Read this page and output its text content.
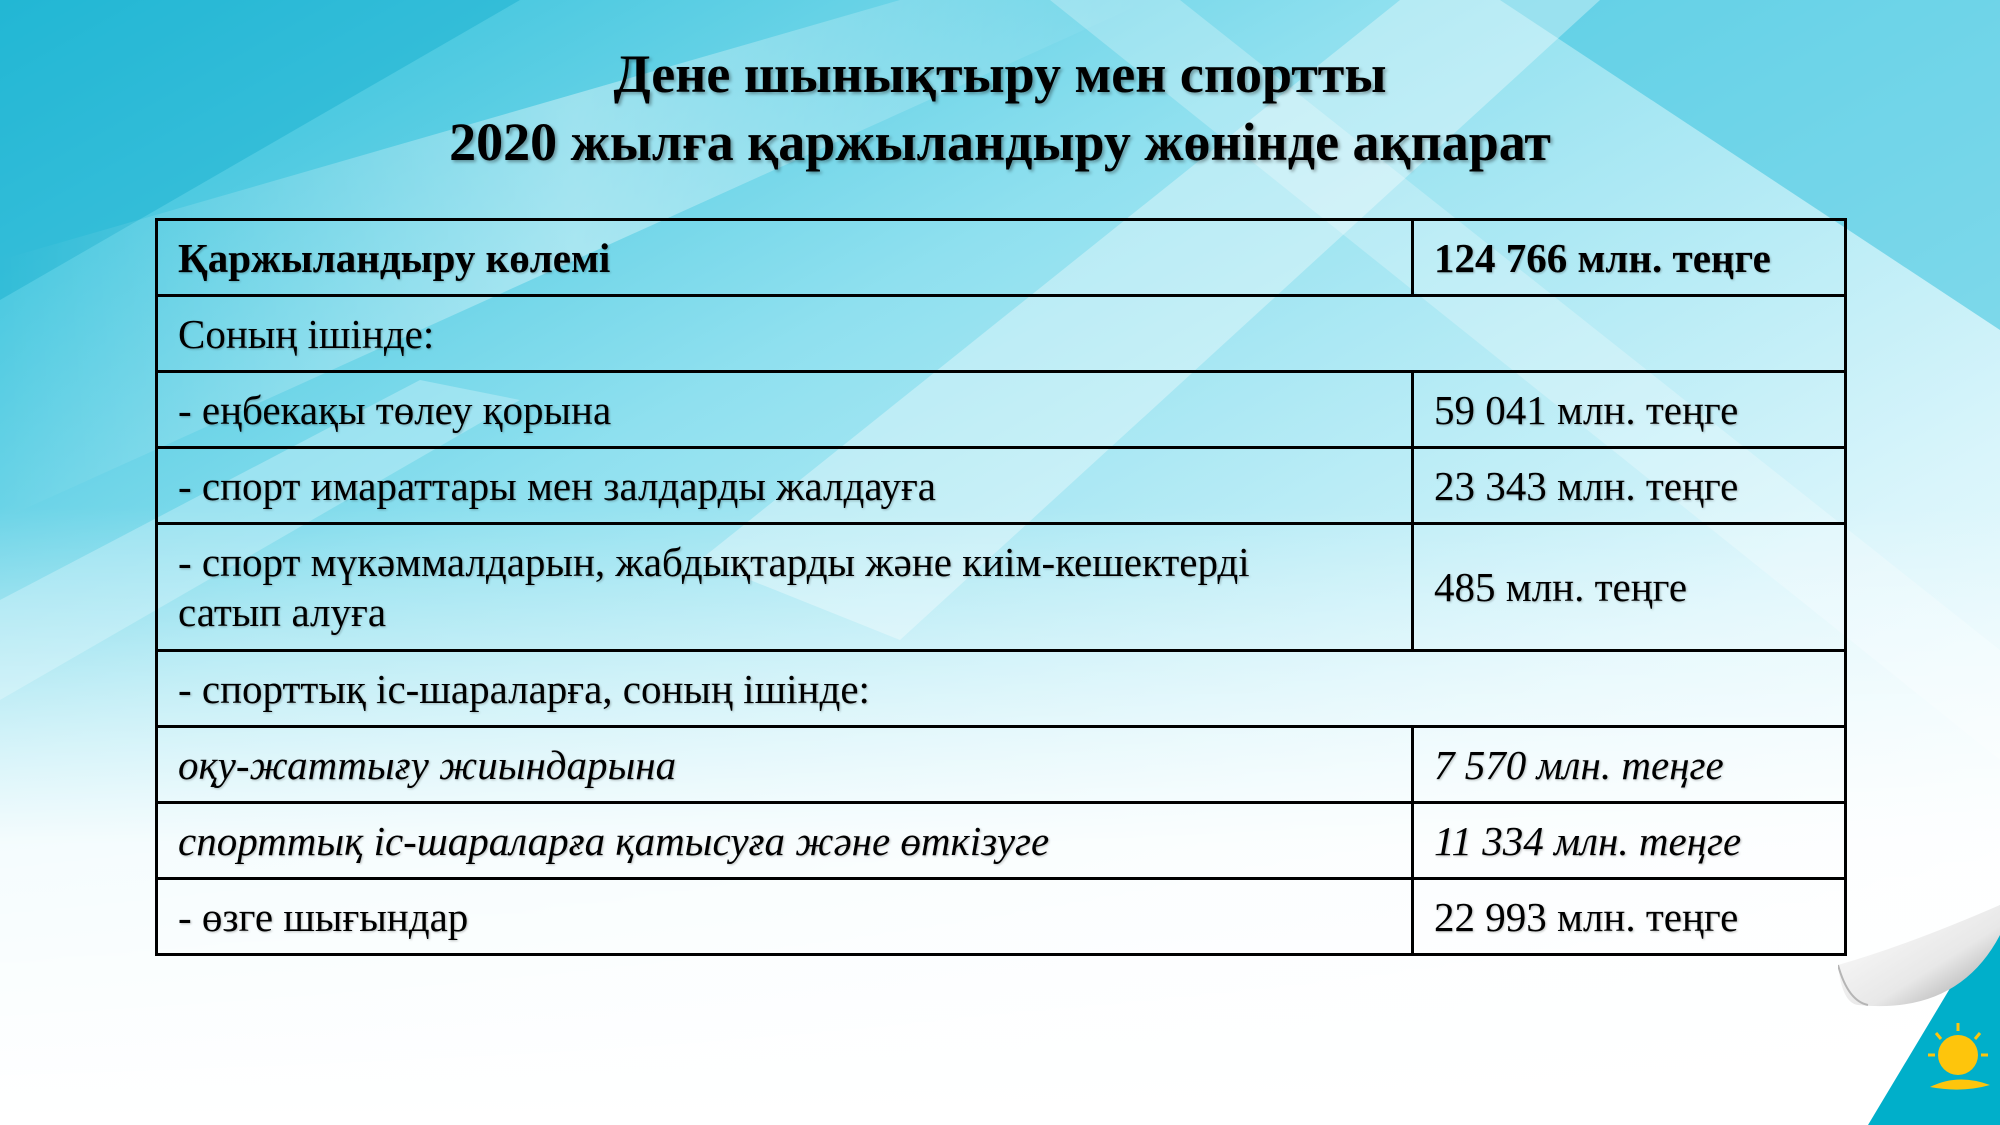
Дене шынықтыру мен спортты
2020 жылға қаржыландыру жөнінде ақпарат
Қаржыландыру көлемі	124 766 млн. теңге
Соның ішінде:	
- еңбекақы төлеу қорына	59 041 млн. теңге
- спорт имараттары мен залдарды жалдауға	23 343 млн. теңге

- спорт мүкәммалдарын, жабдықтарды және киім-кешектерді
сатып алуға	485 млн. теңге
- спорттық іс-шараларға, соның ішінде:	
оқу-жаттығу жиындарына	7 570 млн. теңге
спорттық іс-шараларға қатысуға және өткізуге	11 334 млн. теңге
- өзге шығындар	22 993 млн. теңге
